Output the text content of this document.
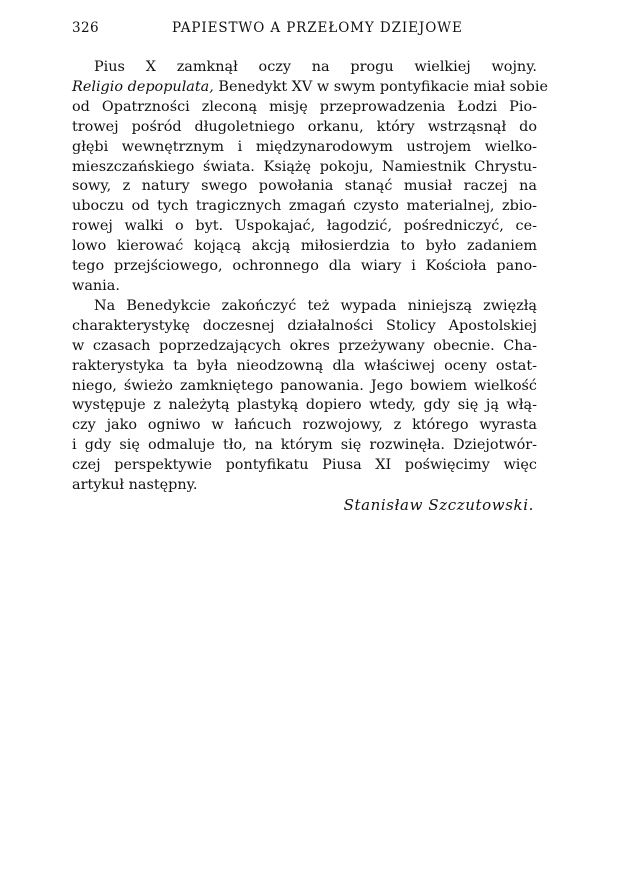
326	PAPIESTWO A PRZEŁOMY DZIEJOWE
Pius X zamknął oczy na progu wielkiej wojny.
Religio depopulata, Benedykt XV w swym pontyfikacie miał sobie
od Opatrzności zleconą misję przeprowadzenia Łodzi Pio-
trowej pośród długoletniego orkanu, który wstrząsnął do
głębi wewnętrznym i międzynarodowym ustrojem wielko-
mieszczańskiego świata. Książę pokoju, Namiestnik Chrystu-
sowy, z natury swego powołania stanąć musiał raczej na
uboczu od tych tragicznych zmagań czysto materialnej, zbio-
rowej walki o byt. Uspokajać, łagodzić, pośredniczyć, ce-
lowo kierować kojącą akcją miłosierdzia to było zadaniem
tego przejściowego, ochronnego dla wiary i Kościoła pano-
wania.
Na Benedykcie zakończyć też wypada niniejszą zwięzłą
charakterystykę doczesnej działalności Stolicy Apostolskiej
w czasach poprzedzających okres przeżywany obecnie. Cha-
rakterystyka ta była nieodzowną dla właściwej oceny ostat-
niego, świeżo zamkniętego panowania. Jego bowiem wielkość
występuje z należytą plastyką dopiero wtedy, gdy się ją włą-
czy jako ogniwo w łańcuch rozwojowy, z którego wyrasta
i gdy się odmaluje tło, na którym się rozwinęła. Dziejotwór-
czej perspektywie pontyfikatu Piusa XI poświęcimy więc
artykuł następny.
Stanisław Szczutowski.
